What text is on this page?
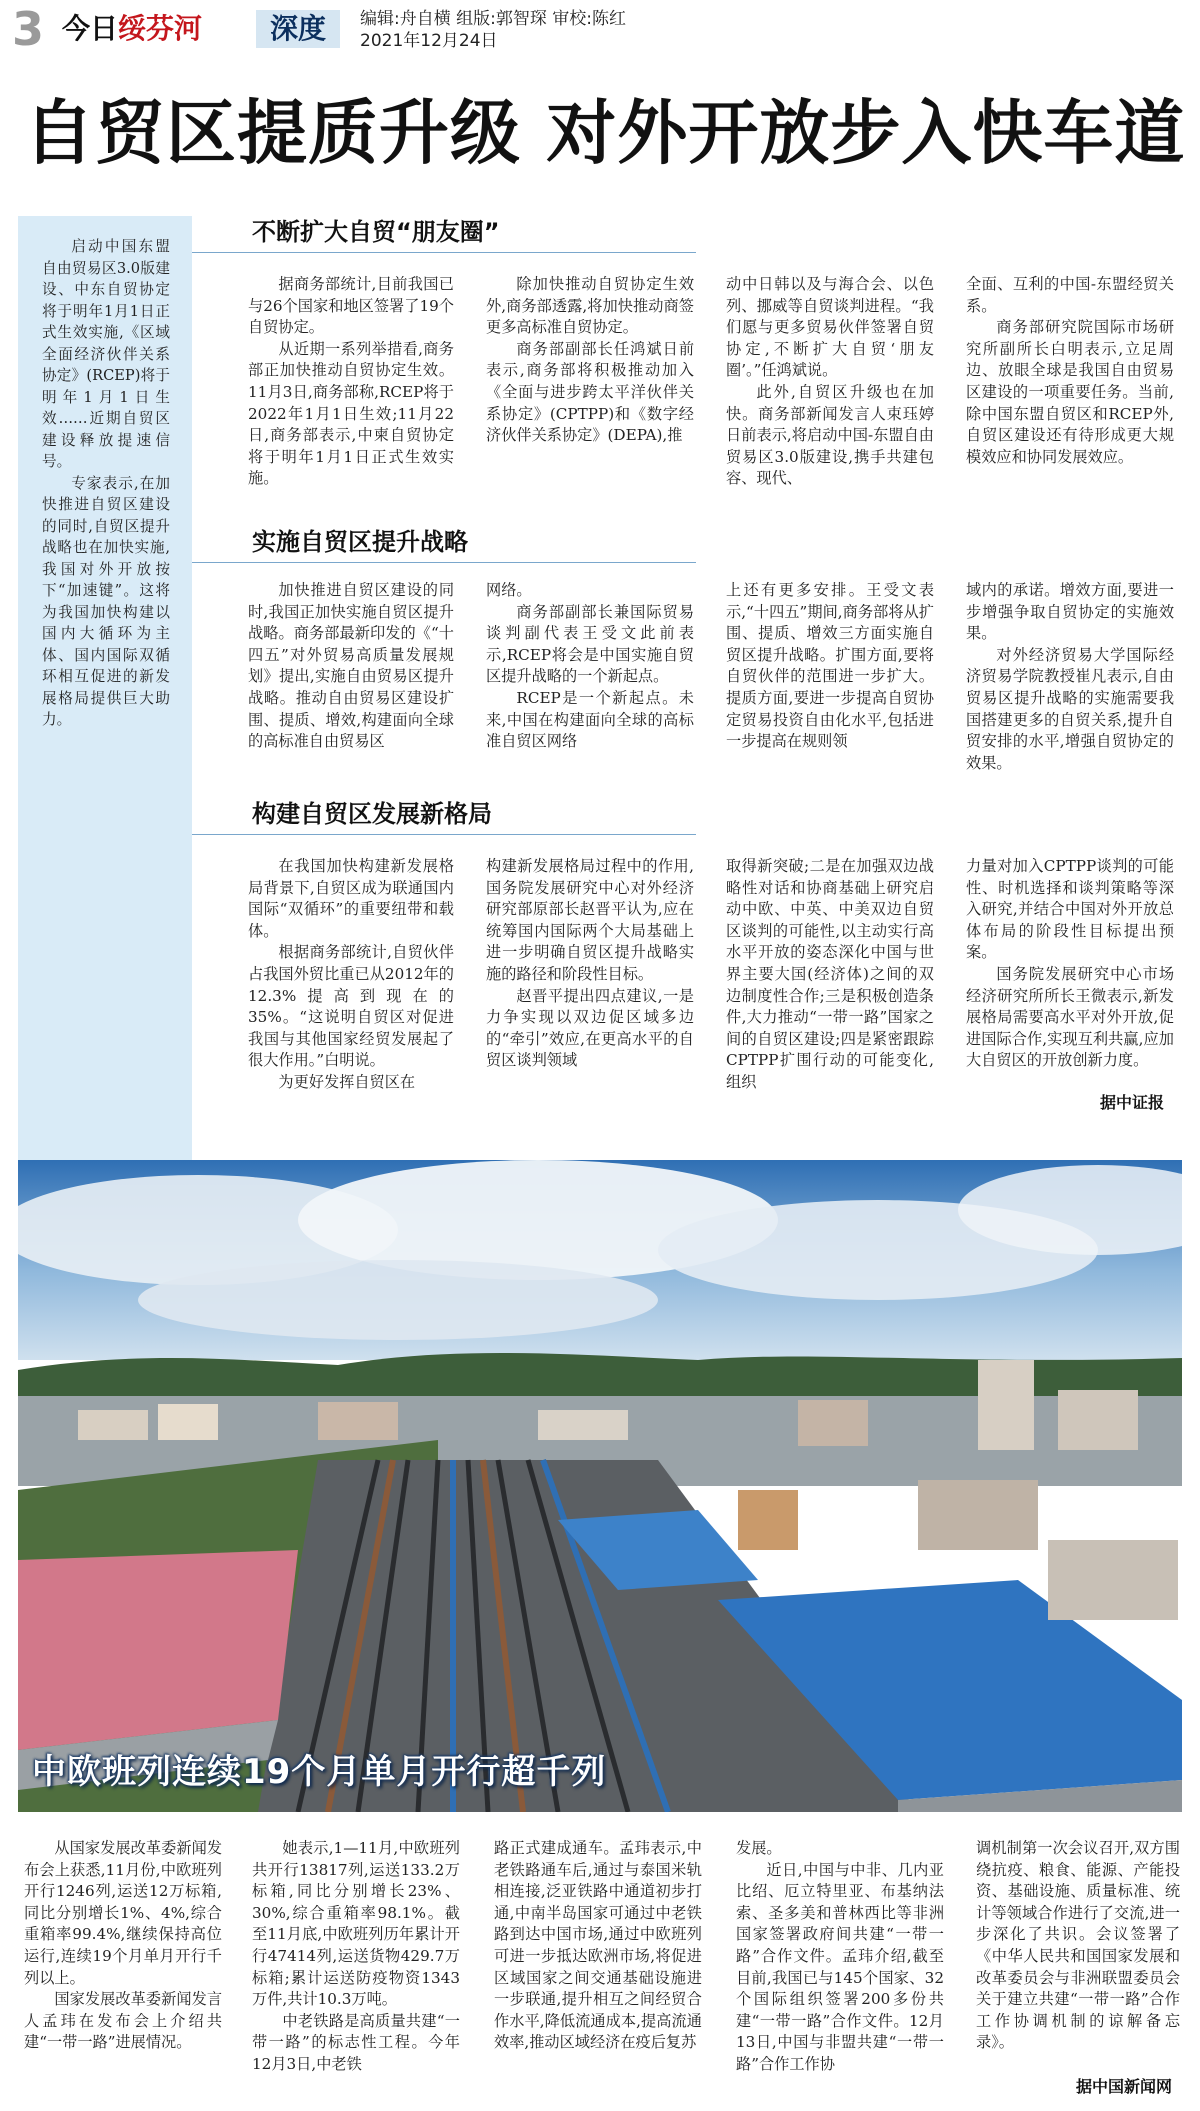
3 今日绥芬河	深度	编辑:舟自横 组版:郭智琛 审校:陈红
2021年12月24日
自贸区提质升级 对外开放步入快车道

启动中国东盟自由贸易区3.0版建设、中东自贸协定将于明年1月1日正式生效实施,《区域全面经济伙伴关系协定》(RCEP)将于明年1月1日生效……近期自贸区建设释放提速信号。

专家表示,在加快推进自贸区建设的同时,自贸区提升战略也在加快实施,我国对外开放按下“加速键”。这将为我国加快构建以国内大循环为主体、国内国际双循环相互促进的新发展格局提供巨大助力。

不断扩大自贸“朋友圈”

据商务部统计,目前我国已与26个国家和地区签署了19个自贸协定。

从近期一系列举措看,商务部正加快推动自贸协定生效。11月3日,商务部称,RCEP将于2022年1月1日生效;11月22日,商务部表示,中柬自贸协定将于明年1月1日正式生效实施。

除加快推动自贸协定生效外,商务部透露,将加快推动商签更多高标准自贸协定。

商务部副部长任鸿斌日前表示,商务部将积极推动加入《全面与进步跨太平洋伙伴关系协定》(CPTPP)和《数字经济伙伴关系协定》(DEPA),推

动中日韩以及与海合会、以色列、挪威等自贸谈判进程。“我们愿与更多贸易伙伴签署自贸协定,不断扩大自贸‘朋友圈’。”任鸿斌说。

此外,自贸区升级也在加快。商务部新闻发言人束珏婷日前表示,将启动中国-东盟自由贸易区3.0版建设,携手共建包容、现代、

全面、互利的中国-东盟经贸关系。

商务部研究院国际市场研究所副所长白明表示,立足周边、放眼全球是我国自由贸易区建设的一项重要任务。当前,除中国东盟自贸区和RCEP外,自贸区建设还有待形成更大规模效应和协同发展效应。

实施自贸区提升战略

加快推进自贸区建设的同时,我国正加快实施自贸区提升战略。商务部最新印发的《“十四五”对外贸易高质量发展规划》提出,实施自由贸易区提升战略。推动自由贸易区建设扩围、提质、增效,构建面向全球的高标准自由贸易区

网络。

商务部副部长兼国际贸易谈判副代表王受文此前表示,RCEP将会是中国实施自贸区提升战略的一个新起点。

RCEP是一个新起点。未来,中国在构建面向全球的高标准自贸区网络

上还有更多安排。王受文表示,“十四五”期间,商务部将从扩围、提质、增效三方面实施自贸区提升战略。扩围方面,要将自贸伙伴的范围进一步扩大。提质方面,要进一步提高自贸协定贸易投资自由化水平,包括进一步提高在规则领

域内的承诺。增效方面,要进一步增强争取自贸协定的实施效果。

对外经济贸易大学国际经济贸易学院教授崔凡表示,自由贸易区提升战略的实施需要我国搭建更多的自贸关系,提升自贸安排的水平,增强自贸协定的效果。

构建自贸区发展新格局

在我国加快构建新发展格局背景下,自贸区成为联通国内国际“双循环”的重要纽带和载体。

根据商务部统计,自贸伙伴占我国外贸比重已从2012年的12.3%提高到现在的35%。“这说明自贸区对促进我国与其他国家经贸发展起了很大作用。”白明说。

为更好发挥自贸区在

构建新发展格局过程中的作用,国务院发展研究中心对外经济研究部原部长赵晋平认为,应在统筹国内国际两个大局基础上进一步明确自贸区提升战略实施的路径和阶段性目标。

赵晋平提出四点建议,一是力争实现以双边促区域多边的“牵引”效应,在更高水平的自贸区谈判领域

取得新突破;二是在加强双边战略性对话和协商基础上研究启动中欧、中英、中美双边自贸区谈判的可能性,以主动实行高水平开放的姿态深化中国与世界主要大国(经济体)之间的双边制度性合作;三是积极创造条件,大力推动“一带一路”国家之间的自贸区建设;四是紧密跟踪CPTPP扩围行动的可能变化,组织

力量对加入CPTPP谈判的可能性、时机选择和谈判策略等深入研究,并结合中国对外开放总体布局的阶段性目标提出预案。

国务院发展研究中心市场经济研究所所长王微表示,新发展格局需要高水平对外开放,促进国际合作,实现互利共赢,应加大自贸区的开放创新力度。

据中证报
中欧班列连续19个月单月开行超千列

从国家发展改革委新闻发布会上获悉,11月份,中欧班列开行1246列,运送12万标箱,同比分别增长1%、4%,综合重箱率99.4%,继续保持高位运行,连续19个月单月开行千列以上。

国家发展改革委新闻发言人孟玮在发布会上介绍共建“一带一路”进展情况。

她表示,1—11月,中欧班列共开行13817列,运送133.2万标箱,同比分别增长23%、30%,综合重箱率98.1%。截至11月底,中欧班列历年累计开行47414列,运送货物429.7万标箱;累计运送防疫物资1343万件,共计10.3万吨。

中老铁路是高质量共建“一带一路”的标志性工程。今年12月3日,中老铁

路正式建成通车。孟玮表示,中老铁路通车后,通过与泰国米轨相连接,泛亚铁路中通道初步打通,中南半岛国家可通过中老铁路到达中国市场,通过中欧班列可进一步抵达欧洲市场,将促进区域国家之间交通基础设施进一步联通,提升相互之间经贸合作水平,降低流通成本,提高流通效率,推动区域经济在疫后复苏

发展。

近日,中国与中非、几内亚比绍、厄立特里亚、布基纳法索、圣多美和普林西比等非洲国家签署政府间共建“一带一路”合作文件。孟玮介绍,截至目前,我国已与145个国家、32个国际组织签署200多份共建“一带一路”合作文件。12月13日,中国与非盟共建“一带一路”合作工作协

调机制第一次会议召开,双方围绕抗疫、粮食、能源、产能投资、基础设施、质量标准、统计等领域合作进行了交流,进一步深化了共识。会议签署了《中华人民共和国国家发展和改革委员会与非洲联盟委员会关于建立共建“一带一路”合作工作协调机制的谅解备忘录》。

据中国新闻网
